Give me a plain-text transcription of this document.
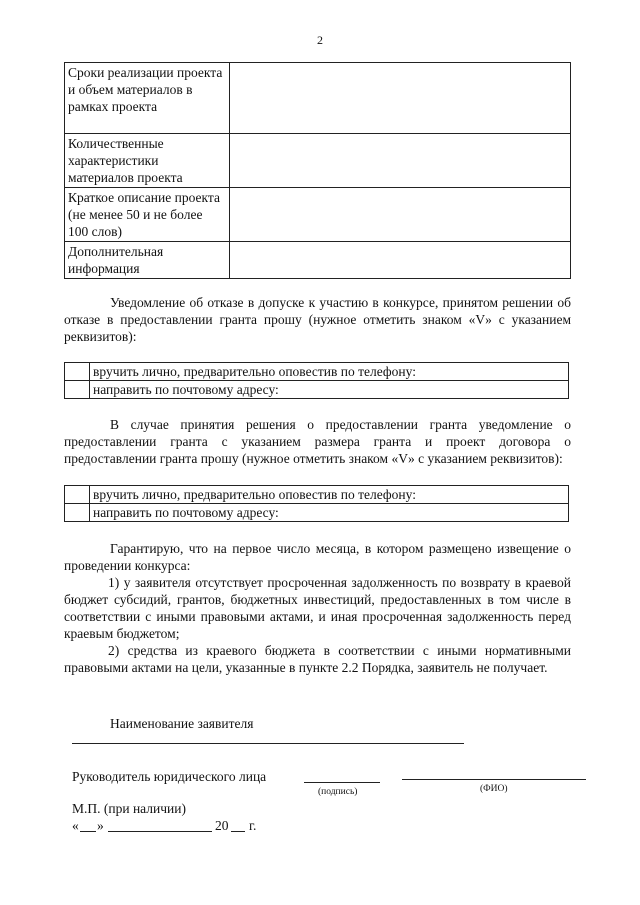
2
Сроки реализации проекта и объем материалов в рамках проекта	
Количественные характеристики материалов проекта	
Краткое описание проекта (не менее 50 и не более 100 слов)	
Дополнительная информация	
Уведомление об отказе в допуске к участию в конкурсе, принятом решении об отказе в предоставлении гранта прошу (нужное отметить знаком «V» с указанием реквизитов):
	вручить лично, предварительно оповестив по телефону:
	направить по почтовому адресу:
В случае принятия решения о предоставлении гранта уведомление о предоставлении гранта с указанием размера гранта и проект договора о предоставлении гранта прошу (нужное отметить знаком «V» с указанием реквизитов):
	вручить лично, предварительно оповестив по телефону:
	направить по почтовому адресу:
Гарантирую, что на первое число месяца, в котором размещено извещение о проведении конкурса:
1) у заявителя отсутствует просроченная задолженность по возврату в краевой бюджет субсидий, грантов, бюджетных инвестиций, предоставленных в том числе в соответствии с иными правовыми актами, и иная просроченная задолженность перед краевым бюджетом;
2) средства из краевого бюджета в соответствии с иными нормативными правовыми актами на цели, указанные в пункте 2.2 Порядка, заявитель не получает.
Наименование заявителя
Руководитель юридического лица
(подпись)	(ФИО)
М.П. (при наличии)
« »	20 г.
